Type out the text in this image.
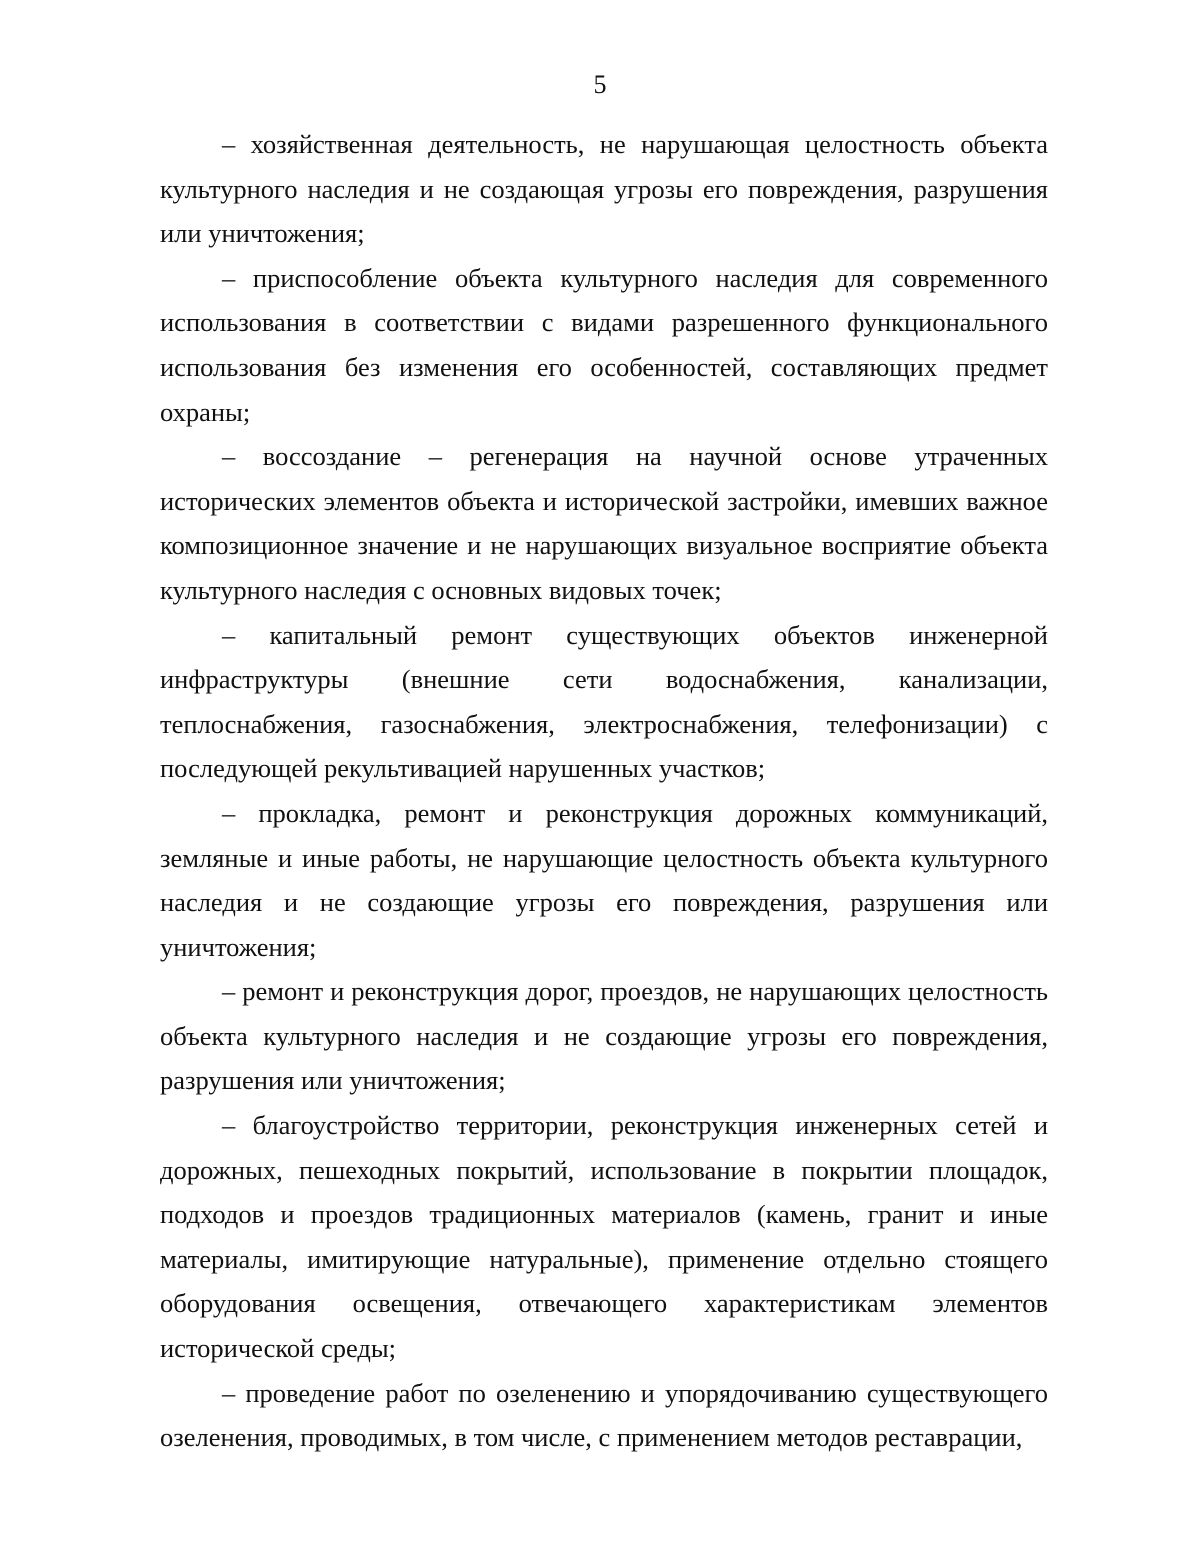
5

– хозяйственная деятельность, не нарушающая целостность объекта культурного наследия и не создающая угрозы его повреждения, разрушения или уничтожения;

– приспособление объекта культурного наследия для современного использования в соответствии с видами разрешенного функционального использования без изменения его особенностей, составляющих предмет охраны;

– воссоздание – регенерация на научной основе утраченных исторических элементов объекта и исторической застройки, имевших важное композиционное значение и не нарушающих визуальное восприятие объекта культурного наследия с основных видовых точек;

– капитальный ремонт существующих объектов инженерной инфраструктуры (внешние сети водоснабжения, канализации, теплоснабжения, газоснабжения, электроснабжения, телефонизации) с последующей рекультивацией нарушенных участков;

– прокладка, ремонт и реконструкция дорожных коммуникаций, земляные и иные работы, не нарушающие целостность объекта культурного наследия и не создающие угрозы его повреждения, разрушения или уничтожения;

– ремонт и реконструкция дорог, проездов, не нарушающих целостность объекта культурного наследия и не создающие угрозы его повреждения, разрушения или уничтожения;

– благоустройство территории, реконструкция инженерных сетей и дорожных, пешеходных покрытий, использование в покрытии площадок, подходов и проездов традиционных материалов (камень, гранит и иные материалы, имитирующие натуральные), применение отдельно стоящего оборудования освещения, отвечающего характеристикам элементов исторической среды;

– проведение работ по озеленению и упорядочиванию существующего озеленения, проводимых, в том числе, с применением методов реставрации,
